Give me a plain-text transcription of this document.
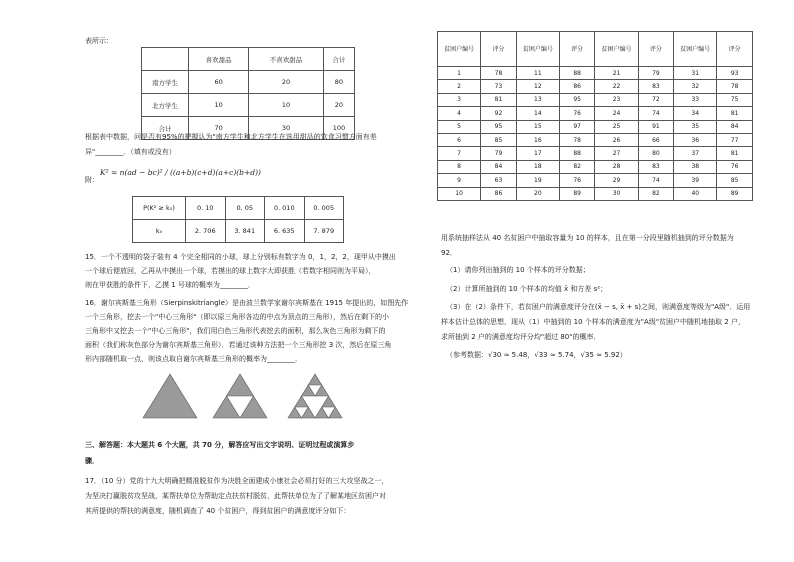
表所示：
	喜欢甜品	不喜欢甜品	合计
南方学生	60	20	80
北方学生	10	10	20
合计	70	30	100
根据表中数据，问是否有95%的把握认为"南方学生和北方学生在选用甜品的饮食习惯方面有差
异"________．（填有或没有）
附：
K² = n(ad − bc)² / ((a+b)(c+d)(a+c)(b+d))
P(K² ≥ k₀)	0. 10	0. 05	0. 010	0. 005
k₀	2. 706	3. 841	6. 635	7. 879
15．一个不透明的袋子装有 4 个完全相同的小球，球上分别标有数字为 0，1，2，2，现甲从中摸出
一个球后便放回，乙再从中摸出一个球，若摸出的球上数字大即获胜（若数字相同则为平局），
则在甲获胜的条件下，乙摸 1 号球的概率为________．
16．谢尔宾斯基三角形（Sierpinskitriangle）是由波兰数学家谢尔宾斯基在 1915 年提出的，如图先作
一个三角形，挖去一个"中心三角形"（即以原三角形各边的中点为顶点的三角形），然后在剩下的小
三角形中又挖去一个"中心三角形"，我们用白色三角形代表挖去的面积，那么灰色三角形为剩下的
面积（我们称灰色部分为谢尔宾斯基三角形）．若通过该种方法把一个三角形挖 3 次，然后在原三角
形内部随机取一点，则该点取自谢尔宾斯基三角形的概率为________．
三、解答题：本大题共 6 个大题，共 70 分，解答应写出文字说明、证明过程或演算步
骤．
17．（10 分）党的十九大明确把精准脱贫作为决胜全面建成小康社会必须打好的三大攻坚战之一，
为坚决打赢脱贫攻坚战，某帮扶单位为帮助定点扶贫村脱贫，此帮扶单位为了了解某地区贫困户对
其所提供的帮扶的满意度，随机调查了 40 个贫困户，得到贫困户的满意度评分如下：
贫困户编号	评分	贫困户编号	评分	贫困户编号	评分	贫困户编号	评分
1	78	11	88	21	79	31	93
2	73	12	86	22	83	32	78
3	81	13	95	23	72	33	75
4	92	14	76	24	74	34	81
5	95	15	97	25	91	35	84
6	85	16	78	26	66	36	77
7	79	17	88	27	80	37	81
8	84	18	82	28	83	38	76
9	63	19	76	29	74	39	85
10	86	20	89	30	82	40	89
用系统抽样法从 40 名贫困户中抽取容量为 10 的样本，且在第一分段里随机抽到的评分数据为
92．
（1）请你列出抽到的 10 个样本的评分数据；
（2）计算所抽到的 10 个样本的均值 x̄ 和方差 s²；
（3）在（2）条件下，若贫困户的满意度评分在(x̄ − s, x̄ + s)之间，则满意度等级为"A级"．运用
样本估计总体的思想，现从（1）中抽到的 10 个样本的满意度为"A级"贫困户中随机地抽取 2 户，
求所抽到 2 户的满意度均评分均"超过 80"的概率．
（参考数据：√30 ≈ 5.48，√33 ≈ 5.74，√35 ≈ 5.92）
